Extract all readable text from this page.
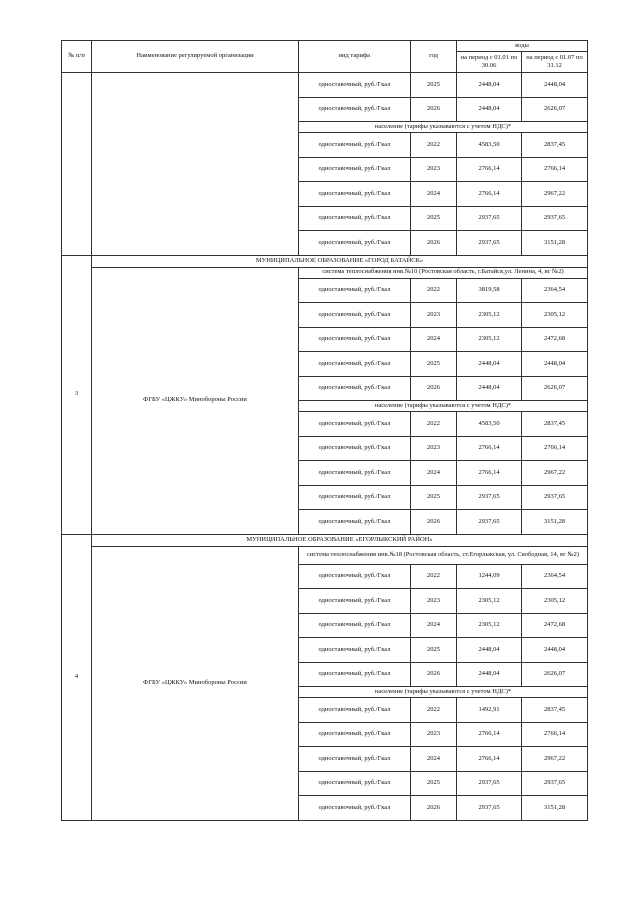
№ п/п	Наименование регулируемой организации	вид тарифа	год	воды	
				на период с 01.01 по 30.06	на период с 01.07 по 31.12
		одноставочный, руб./Гкал	2025	2448,04	2448,04
		одноставочный, руб./Гкал	2026	2448,04	2626,07
		население (тарифы указываются с учетом НДС)*			
		одноставочный, руб./Гкал	2022	4583,50	2837,45
		одноставочный, руб./Гкал	2023	2766,14	2766,14
		одноставочный, руб./Гкал	2024	2766,14	2967,22
		одноставочный, руб./Гкал	2025	2937,65	2937,65
		одноставочный, руб./Гкал	2026	2937,65	3151,28
3	МУНИЦИПАЛЬНОЕ ОБРАЗОВАНИЕ «ГОРОД БАТАЙСК»				
	ФГБУ «ЦЖКУ» Минобороны России	система теплоснабжения инв.№10 (Ростовская область, г.Батайск,ул. Ленина, 4, вг №2)			
		одноставочный, руб./Гкал	2022	3819,58	2364,54
		одноставочный, руб./Гкал	2023	2305,12	2305,12
		одноставочный, руб./Гкал	2024	2305,12	2472,68
		одноставочный, руб./Гкал	2025	2448,04	2448,04
		одноставочный, руб./Гкал	2026	2448,04	2626,07
		население (тарифы указываются с учетом НДС)*			
		одноставочный, руб./Гкал	2022	4583,50	2837,45
		одноставочный, руб./Гкал	2023	2766,14	2766,14
		одноставочный, руб./Гкал	2024	2766,14	2967,22
		одноставочный, руб./Гкал	2025	2937,65	2937,65
		одноставочный, руб./Гкал	2026	2937,65	3151,28
4	МУНИЦИПАЛЬНОЕ ОБРАЗОВАНИЕ «ЕГОРЛЫКСКИЙ РАЙОН»				
	ФГБУ «ЦЖКУ» Минобороны России	система теплоснабжения инв.№18 (Ростовская область, ст.Егорлыкская, ул. Свободная, 14, вг №2)			
		одноставочный, руб./Гкал	2022	1244,09	2364,54
		одноставочный, руб./Гкал	2023	2305,12	2305,12
		одноставочный, руб./Гкал	2024	2305,12	2472,68
		одноставочный, руб./Гкал	2025	2448,04	2448,04
		одноставочный, руб./Гкал	2026	2448,04	2626,07
		население (тарифы указываются с учетом НДС)*			
		одноставочный, руб./Гкал	2022	1492,91	2837,45
		одноставочный, руб./Гкал	2023	2766,14	2766,14
		одноставочный, руб./Гкал	2024	2766,14	2967,22
		одноставочный, руб./Гкал	2025	2937,65	2937,65
		одноставочный, руб./Гкал	2026	2937,65	3151,28
